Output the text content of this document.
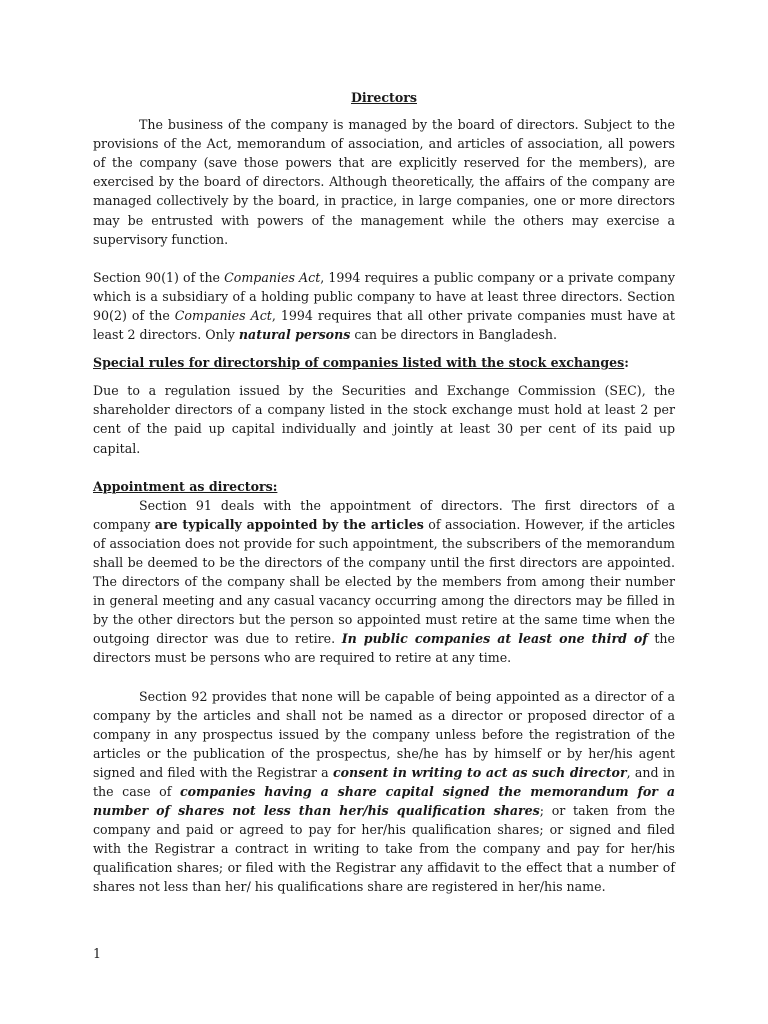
Directors

The business of the company is managed by the board of directors. Subject to the provisions of the Act, memorandum of association, and articles of association, all powers of the company (save those powers that are explicitly reserved for the members), are exercised by the board of directors. Although theoretically, the affairs of the company are managed collectively by the board, in practice, in large companies, one or more directors may be entrusted with powers of the management while the others may exercise a supervisory function.

Section 90(1) of the Companies Act, 1994 requires a public company or a private company which is a subsidiary of a holding public company to have at least three directors. Section 90(2) of the Companies Act, 1994 requires that all other private companies must have at least 2 directors. Only natural persons can be directors in Bangladesh.

Special rules for directorship of companies listed with the stock exchanges:

Due to a regulation issued by the Securities and Exchange Commission (SEC), the shareholder directors of a company listed in the stock exchange must hold at least 2 per cent of the paid up capital individually and jointly at least 30 per cent of its paid up capital.

Appointment as directors:

Section 91 deals with the appointment of directors. The first directors of a company are typically appointed by the articles of association. However, if the articles of association does not provide for such appointment, the subscribers of the memorandum shall be deemed to be the directors of the company until the first directors are appointed. The directors of the company shall be elected by the members from among their number in general meeting and any casual vacancy occurring among the directors may be filled in by the other directors but the person so appointed must retire at the same time when the outgoing director was due to retire. In public companies at least one third of the directors must be persons who are required to retire at any time.

Section 92 provides that none will be capable of being appointed as a director of a company by the articles and shall not be named as a director or proposed director of a company in any prospectus issued by the company unless before the registration of the articles or the publication of the prospectus, she/he has by himself or by her/his agent signed and filed with the Registrar a consent in writing to act as such director, and in the case of companies having a share capital signed the memorandum for a number of shares not less than her/his qualification shares; or taken from the company and paid or agreed to pay for her/his qualification shares; or signed and filed with the Registrar a contract in writing to take from the company and pay for her/his qualification shares; or filed with the Registrar any affidavit to the effect that a number of shares not less than her/ his qualifications share are registered in her/his name.

1
